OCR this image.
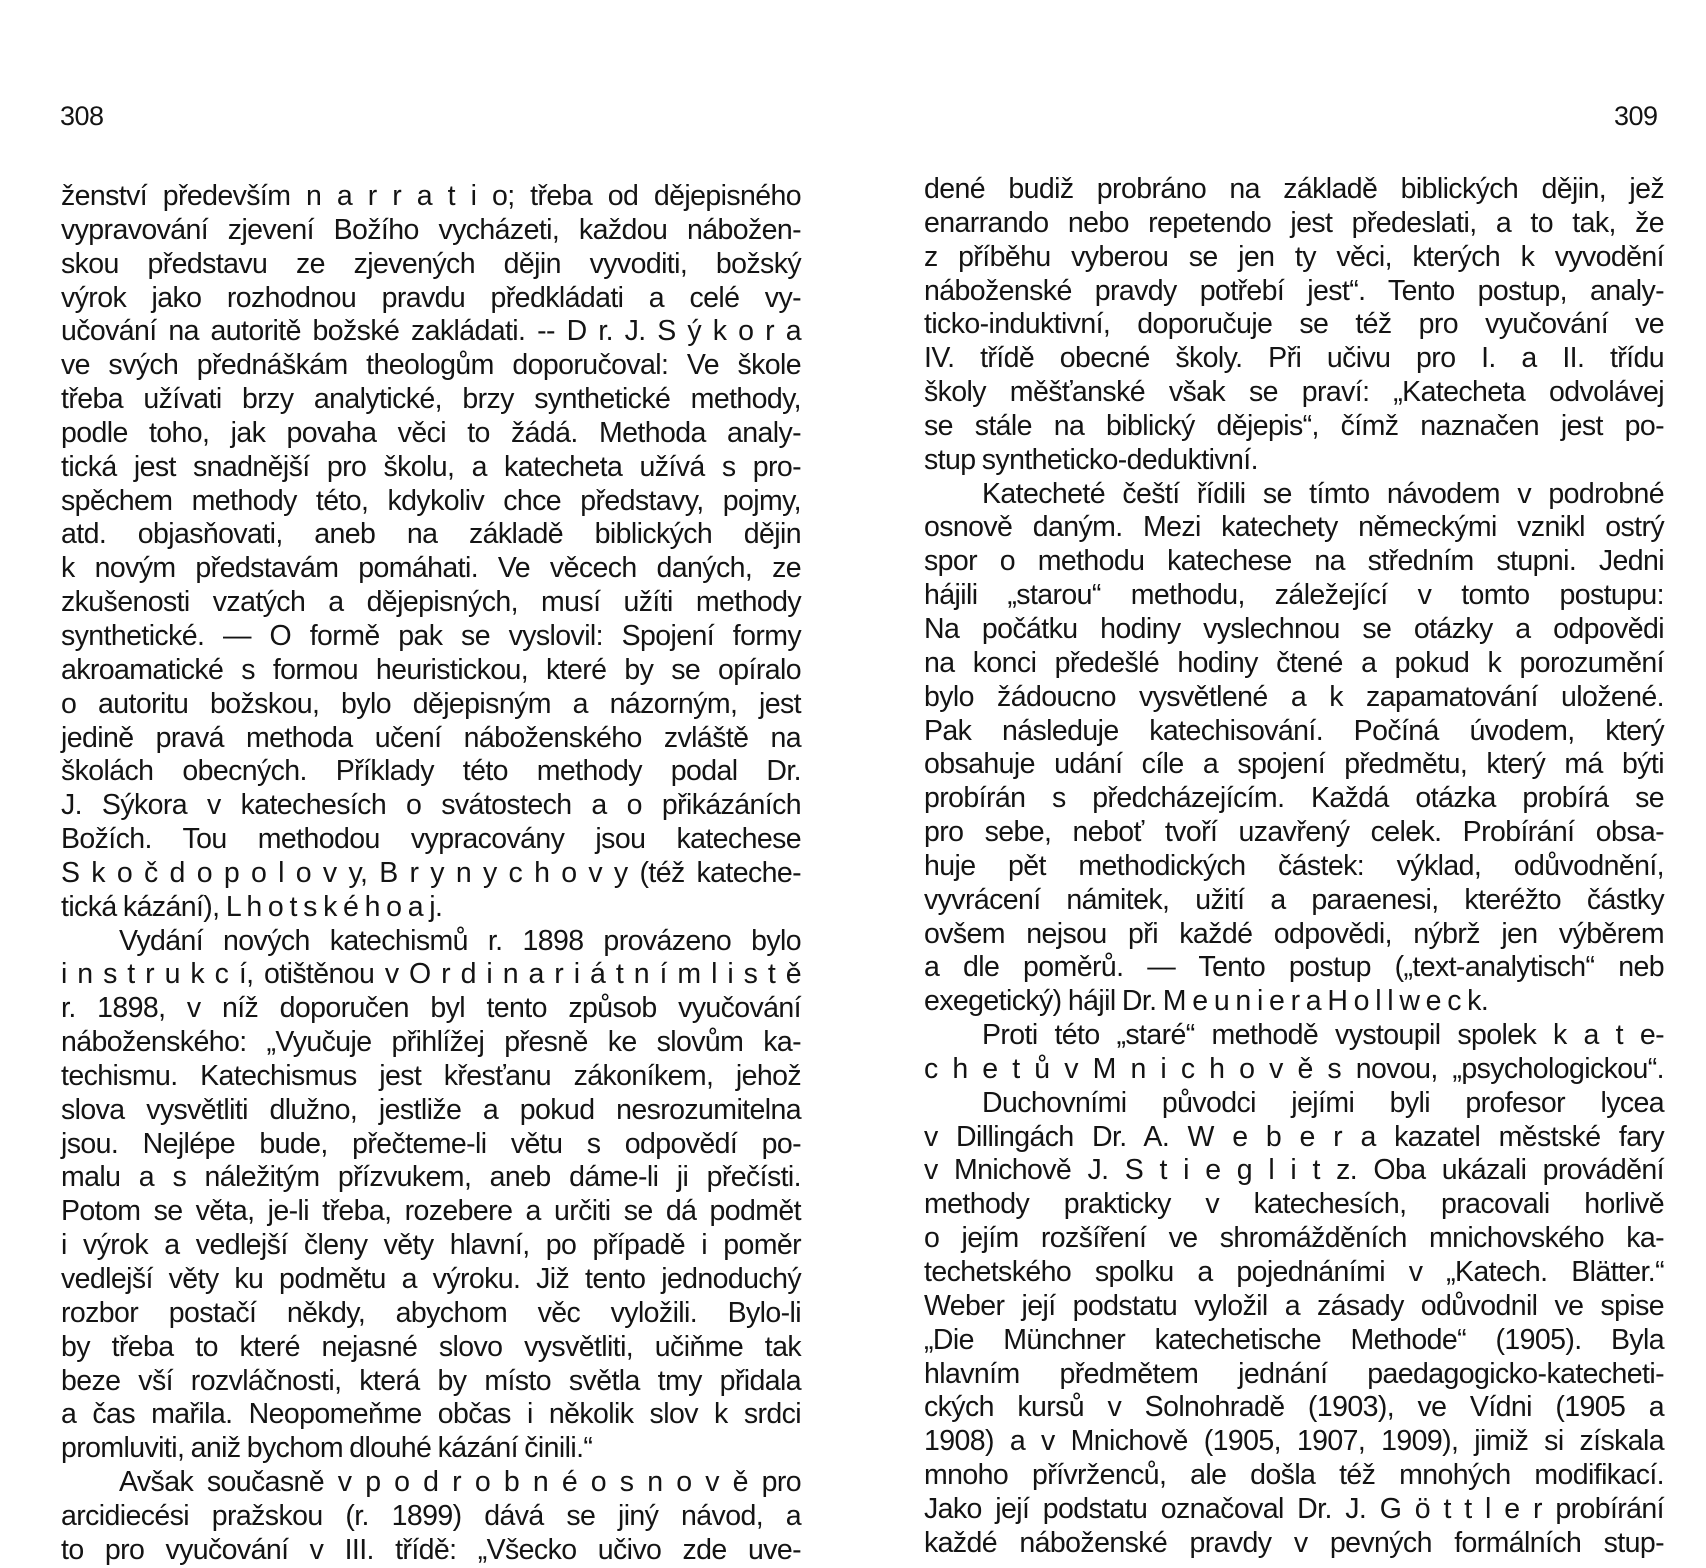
308	309
ženství především n a r r a t i o; třeba od dějepisného
vypravování zjevení Božího vycházeti, každou nábožen-
skou představu ze zjevených dějin vyvoditi, božský
výrok jako rozhodnou pravdu předkládati a celé vy-
učování na autoritě božské zakládati. -- D r. J. S ý k o r a
ve svých přednáškám theologům doporučoval: Ve škole
třeba užívati brzy analytické, brzy synthetické methody,
podle toho, jak povaha věci to žádá. Methoda analy-
tická jest snadnější pro školu, a katecheta užívá s pro-
spěchem methody této, kdykoliv chce představy, pojmy,
atd. objasňovati, aneb na základě biblických dějin
k novým představám pomáhati. Ve věcech daných, ze
zkušenosti vzatých a dějepisných, musí užíti methody
synthetické. — O formě pak se vyslovil: Spojení formy
akroamatické s formou heuristickou, které by se opíralo
o autoritu božskou, bylo dějepisným a názorným, jest
jedině pravá methoda učení náboženského zvláště na
školách obecných. Příklady této methody podal Dr.
J. Sýkora v katechesích o svátostech a o přikázáních
Božích. Tou methodou vypracovány jsou katechese
S k o č d o p o l o v y, B r y n y c h o v y (též kateche-
tická kázání), L h o t s k é h o a j.
Vydání nových katechismů r. 1898 provázeno bylo
i n s t r u k c í, otištěnou v O r d i n a r i á t n í m l i s t ě
r. 1898, v níž doporučen byl tento způsob vyučování
náboženského: „Vyučuje přihlížej přesně ke slovům ka-
techismu. Katechismus jest křesťanu zákoníkem, jehož
slova vysvětliti dlužno, jestliže a pokud nesrozumitelna
jsou. Nejlépe bude, přečteme-li větu s odpovědí po-
malu a s náležitým přízvukem, aneb dáme-li ji přečísti.
Potom se věta, je-li třeba, rozebere a určiti se dá podmět
i výrok a vedlejší členy věty hlavní, po případě i poměr
vedlejší věty ku podmětu a výroku. Již tento jednoduchý
rozbor postačí někdy, abychom věc vyložili. Bylo-li
by třeba to které nejasné slovo vysvětliti, učiňme tak
beze vší rozvláčnosti, která by místo světla tmy přidala
a čas mařila. Neopomeňme občas i několik slov k srdci
promluviti, aniž bychom dlouhé kázání činili.“
Avšak současně v p o d r o b n é o s n o v ě pro
arcidiecési pražskou (r. 1899) dává se jiný návod, a
to pro vyučování v III. třídě: „Všecko učivo zde uve-
dené budiž probráno na základě biblických dějin, jež
enarrando nebo repetendo jest předeslati, a to tak, že
z příběhu vyberou se jen ty věci, kterých k vyvodění
náboženské pravdy potřebí jest“. Tento postup, analy-
ticko-induktivní, doporučuje se též pro vyučování ve
IV. třídě obecné školy. Při učivu pro I. a II. třídu
školy měšťanské však se praví: „Katecheta odvolávej
se stále na biblický dějepis“, čímž naznačen jest po-
stup syntheticko-deduktivní.
Katecheté čeští řídili se tímto návodem v podrobné
osnově daným. Mezi katechety německými vznikl ostrý
spor o methodu katechese na středním stupni. Jedni
hájili „starou“ methodu, záležející v tomto postupu:
Na počátku hodiny vyslechnou se otázky a odpovědi
na konci předešlé hodiny čtené a pokud k porozumění
bylo žádoucno vysvětlené a k zapamatování uložené.
Pak následuje katechisování. Počíná úvodem, který
obsahuje udání cíle a spojení předmětu, který má býti
probírán s předcházejícím. Každá otázka probírá se
pro sebe, neboť tvoří uzavřený celek. Probírání obsa-
huje pět methodických částek: výklad, odůvodnění,
vyvrácení námitek, užití a paraenesi, kteréžto částky
ovšem nejsou při každé odpovědi, nýbrž jen výběrem
a dle poměrů. — Tento postup („text-analytisch“ neb
exegetický) hájil Dr. M e u n i e r a H o l l w e c k.
Proti této „staré“ methodě vystoupil spolek k a t e-
c h e t ů v M n i c h o v ě s novou, „psychologickou“.
Duchovními původci jejími byli profesor lycea
v Dillingách Dr. A. W e b e r a kazatel městské fary
v Mnichově J. S t i e g l i t z. Oba ukázali provádění
methody prakticky v katechesích, pracovali horlivě
o jejím rozšíření ve shromážděních mnichovského ka-
techetského spolku a pojednáními v „Katech. Blätter.“
Weber její podstatu vyložil a zásady odůvodnil ve spise
„Die Münchner katechetische Methode“ (1905). Byla
hlavním předmětem jednání paedagogicko-katecheti-
ckých kursů v Solnohradě (1903), ve Vídni (1905 a
1908) a v Mnichově (1905, 1907, 1909), jimiž si získala
mnoho přívrženců, ale došla též mnohých modifikací.
Jako její podstatu označoval Dr. J. G ö t t l e r probírání
každé náboženské pravdy v pevných formálních stup-
